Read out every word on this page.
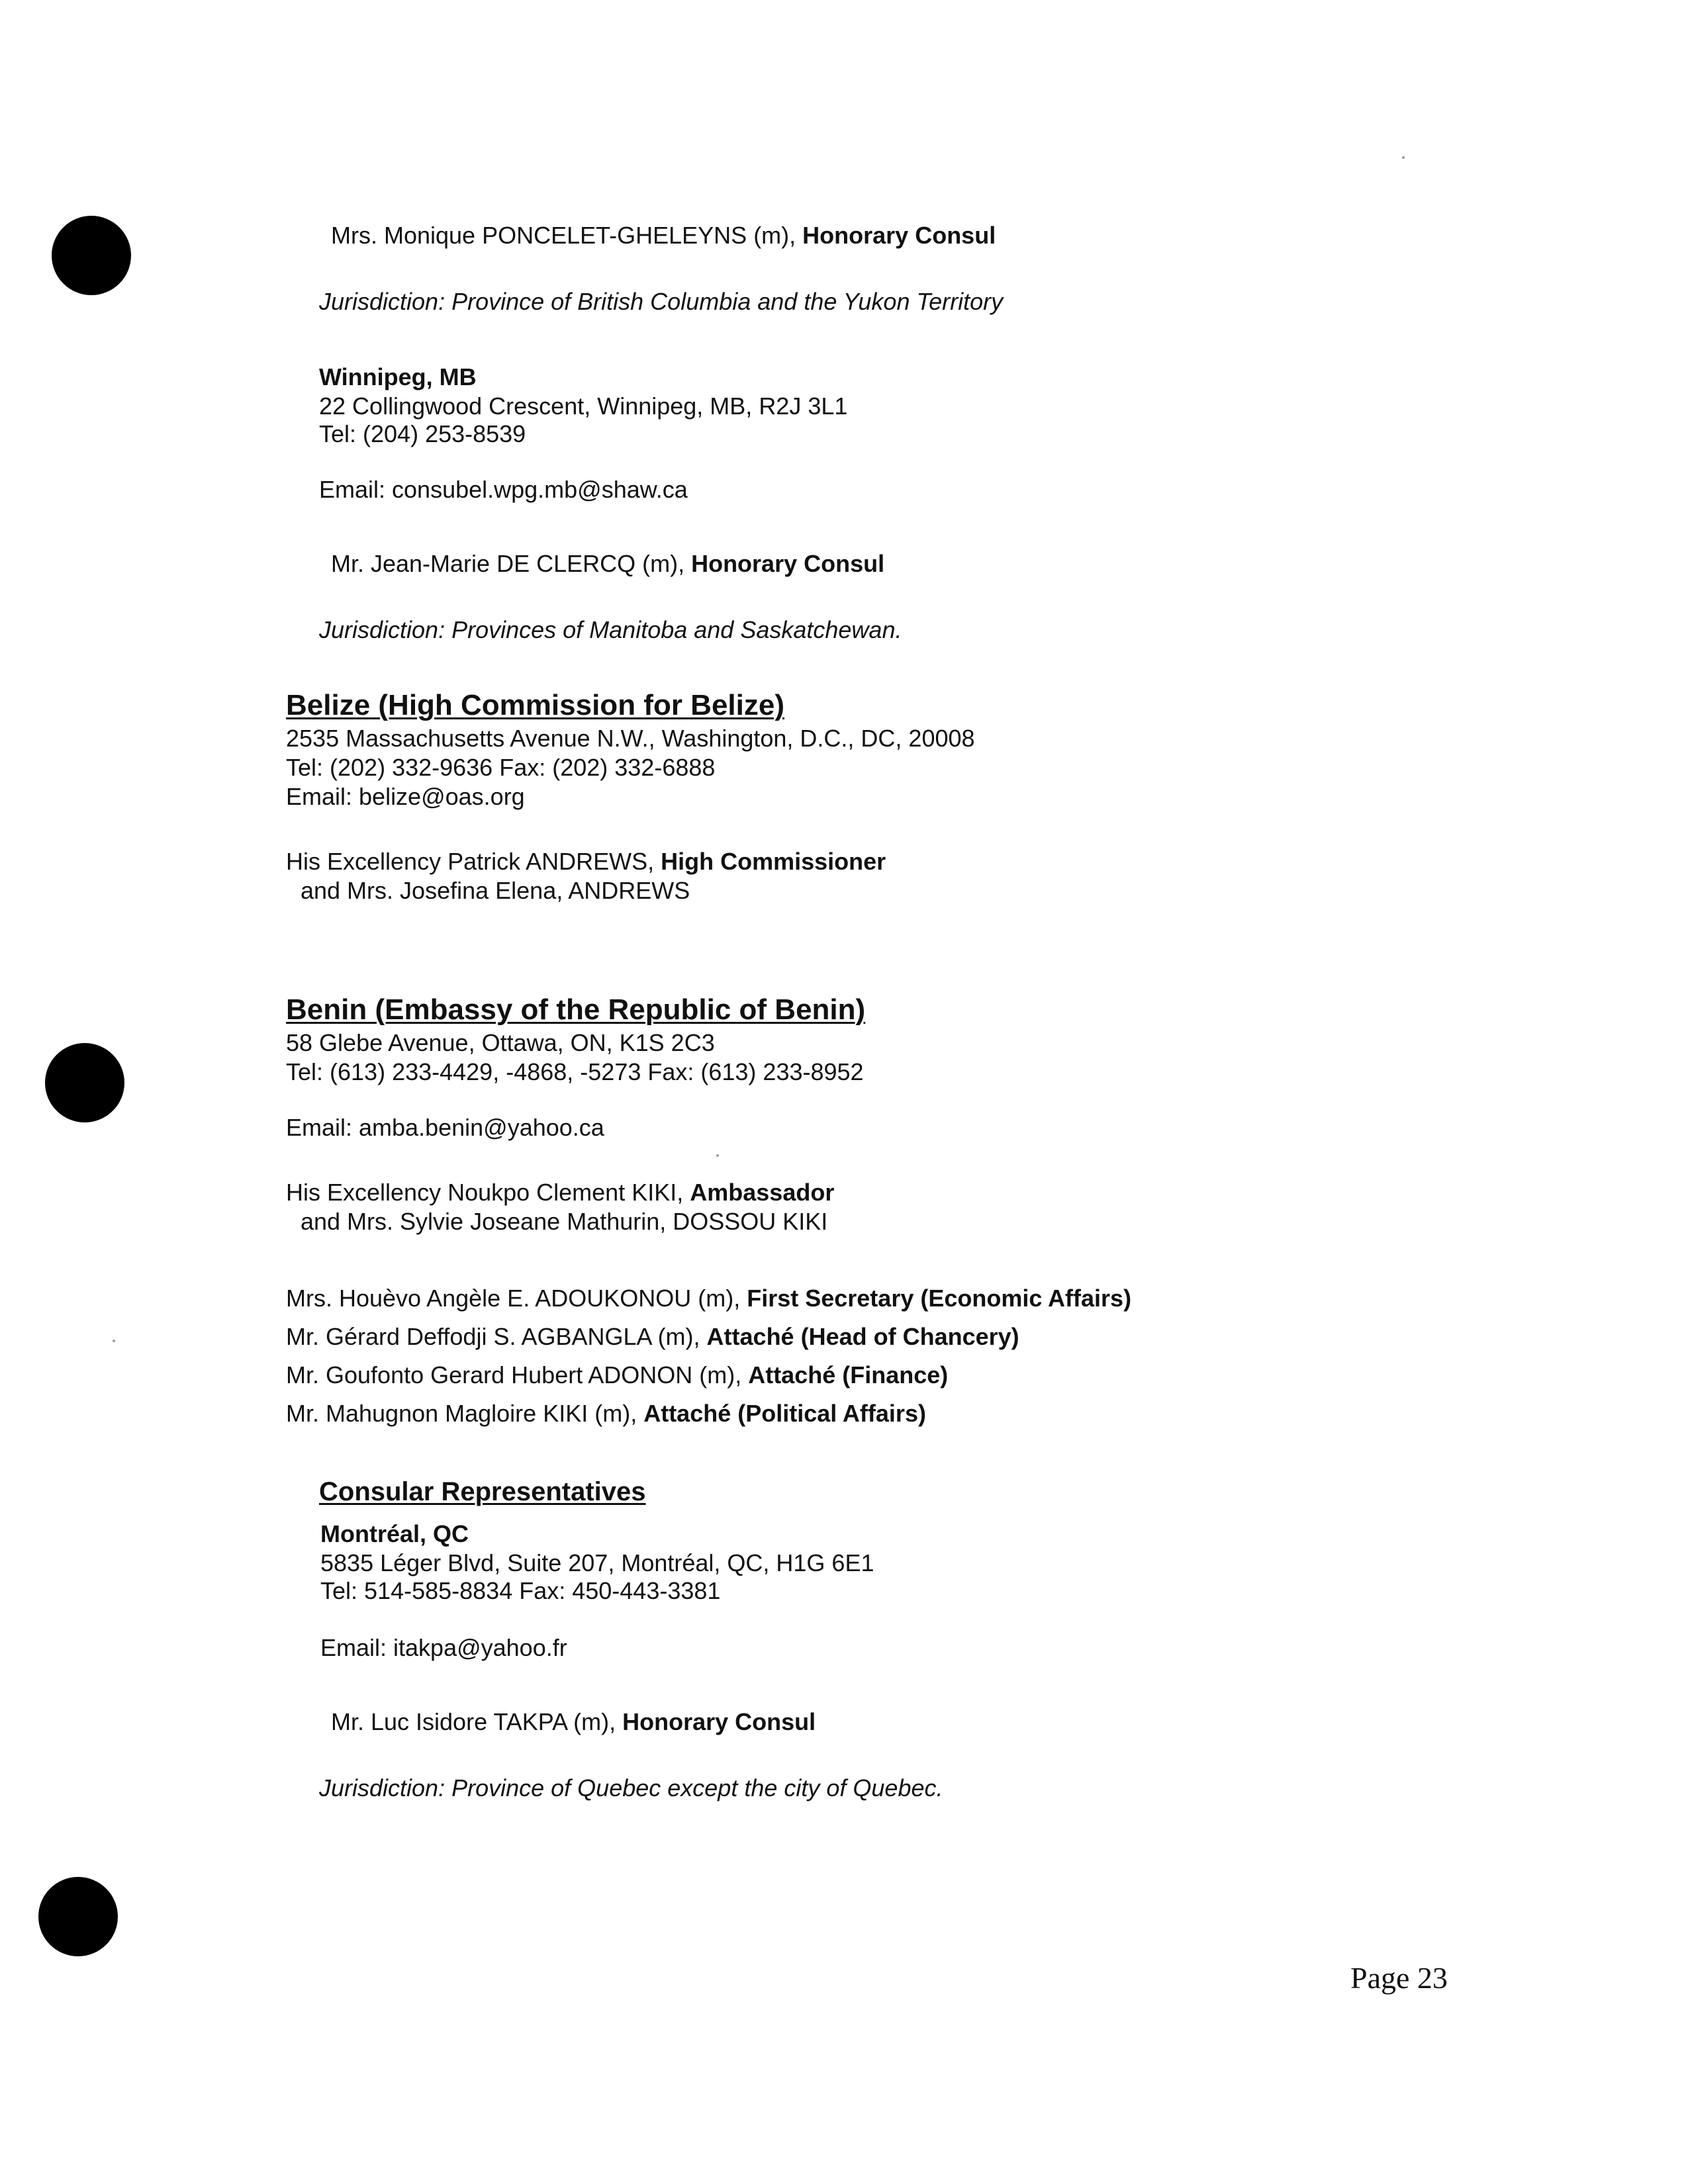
Mrs. Monique PONCELET-GHELEYNS (m), Honorary Consul
Jurisdiction: Province of British Columbia and the Yukon Territory
Winnipeg, MB
22 Collingwood Crescent, Winnipeg, MB, R2J 3L1
Tel: (204) 253-8539
Email: consubel.wpg.mb@shaw.ca
Mr. Jean-Marie DE CLERCQ (m), Honorary Consul
Jurisdiction: Provinces of Manitoba and Saskatchewan.
Belize (High Commission for Belize)
2535 Massachusetts Avenue N.W., Washington, D.C., DC, 20008
Tel: (202) 332-9636 Fax: (202) 332-6888
Email: belize@oas.org
His Excellency Patrick ANDREWS, High Commissioner
and Mrs. Josefina Elena, ANDREWS
Benin (Embassy of the Republic of Benin)
58 Glebe Avenue, Ottawa, ON, K1S 2C3
Tel: (613) 233-4429, -4868, -5273 Fax: (613) 233-8952
Email: amba.benin@yahoo.ca
His Excellency Noukpo Clement KIKI, Ambassador
and Mrs. Sylvie Joseane Mathurin, DOSSOU KIKI
Mrs. Houèvo Angèle E. ADOUKONOU (m), First Secretary (Economic Affairs)
Mr. Gérard Deffodji S. AGBANGLA (m), Attaché (Head of Chancery)
Mr. Goufonto Gerard Hubert ADONON (m), Attaché (Finance)
Mr. Mahugnon Magloire KIKI (m), Attaché (Political Affairs)
Consular Representatives
Montréal, QC
5835 Léger Blvd, Suite 207, Montréal, QC, H1G 6E1
Tel: 514-585-8834 Fax: 450-443-3381
Email: itakpa@yahoo.fr
Mr. Luc Isidore TAKPA (m), Honorary Consul
Jurisdiction: Province of Quebec except the city of Quebec.
Page 23
